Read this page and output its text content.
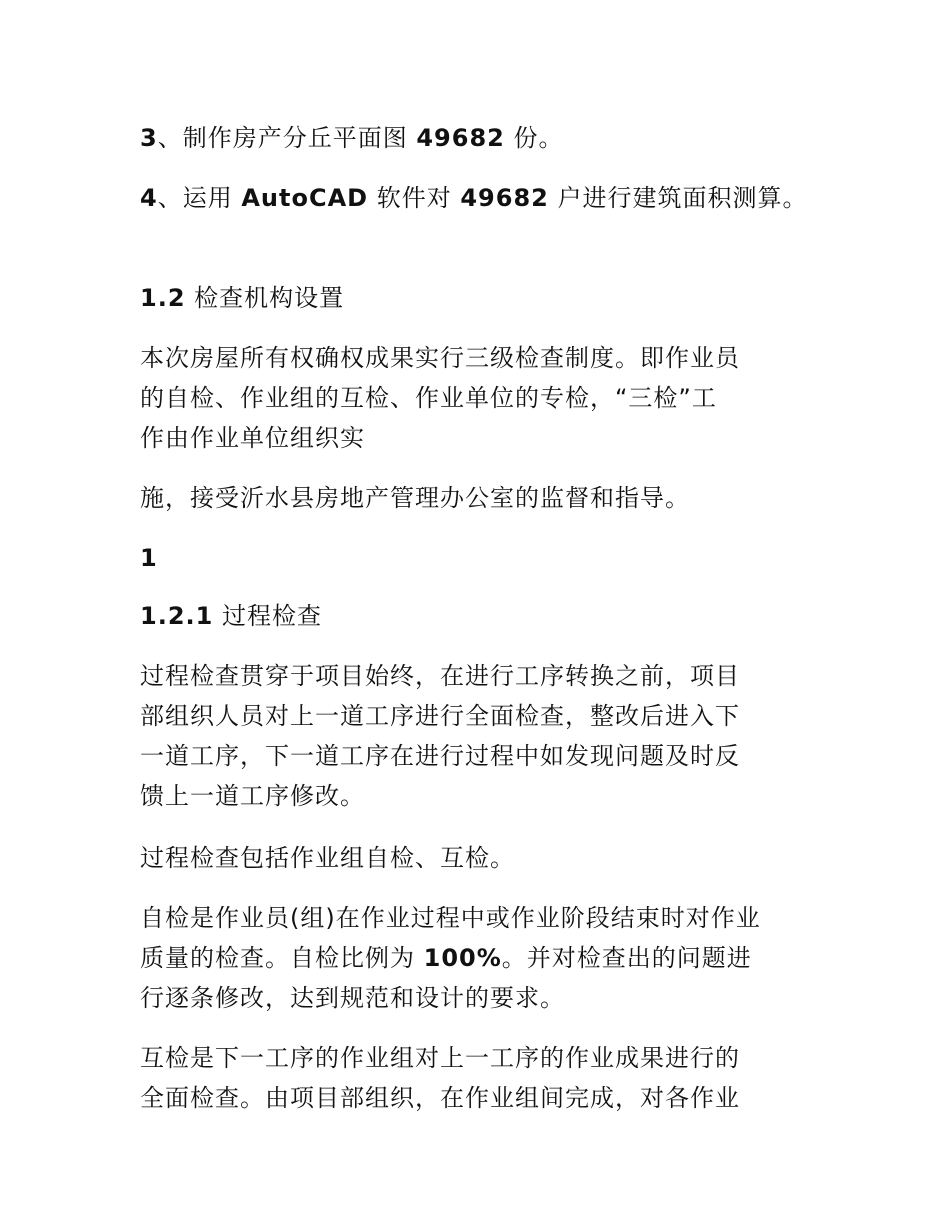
3、制作房产分丘平面图 49682 份。

4、运用 AutoCAD 软件对 49682 户进行建筑面积测算。

1.2 检查机构设置

本次房屋所有权确权成果实行三级检查制度。即作业员
的自检、作业组的互检、作业单位的专检，“三检”工
作由作业单位组织实

施，接受沂水县房地产管理办公室的监督和指导。

1

1.2.1 过程检查

过程检查贯穿于项目始终，在进行工序转换之前，项目
部组织人员对上一道工序进行全面检查，整改后进入下
一道工序，下一道工序在进行过程中如发现问题及时反
馈上一道工序修改。

过程检查包括作业组自检、互检。

自检是作业员(组)在作业过程中或作业阶段结束时对作业
质量的检查。自检比例为 100%。并对检查出的问题进
行逐条修改，达到规范和设计的要求。

互检是下一工序的作业组对上一工序的作业成果进行的
全面检查。由项目部组织，在作业组间完成，对各作业
